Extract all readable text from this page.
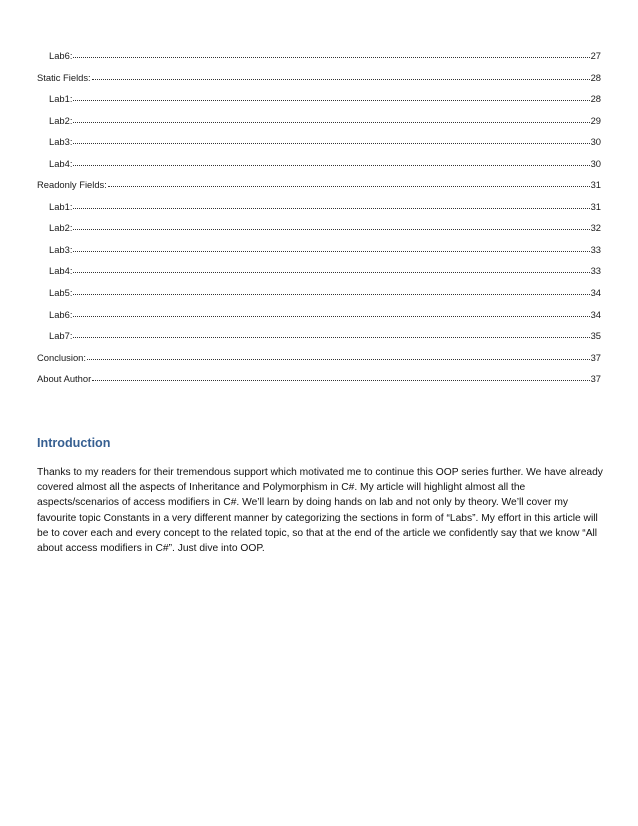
Lab6:	27
Static Fields:	28
Lab1:	28
Lab2:	29
Lab3:	30
Lab4:	30
Readonly Fields:	31
Lab1:	31
Lab2:	32
Lab3:	33
Lab4:	33
Lab5:	34
Lab6:	34
Lab7:	35
Conclusion:	37
About Author	37
Introduction

Thanks to my readers for their tremendous support which motivated me to continue this OOP series further. We have already covered almost all the aspects of Inheritance and Polymorphism in C#. My article will highlight almost all the aspects/scenarios of access modifiers in C#. We’ll learn by doing hands on lab and not only by theory. We’ll cover my favourite topic Constants in a very different manner by categorizing the sections in form of “Labs”. My effort in this article will be to cover each and every concept to the related topic, so that at the end of the article we confidently say that we know “All about access modifiers in C#”. Just dive into OOP.
